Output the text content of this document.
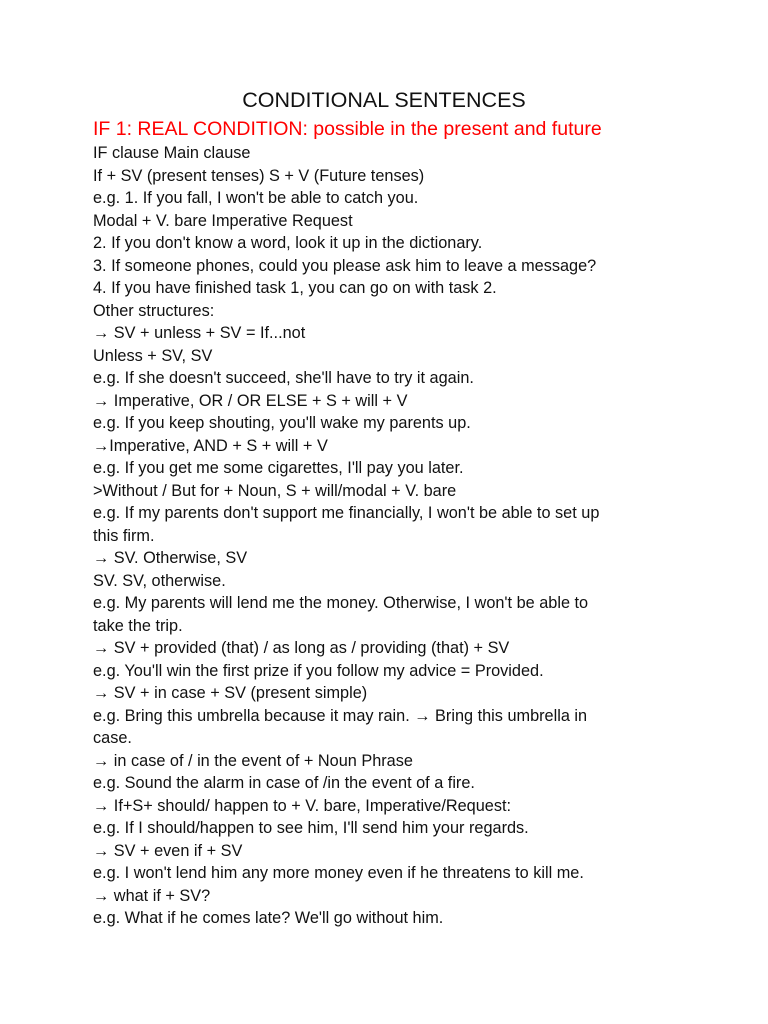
CONDITIONAL SENTENCES
IF 1: REAL CONDITION: possible in the present and future
IF clause Main clause
If + SV (present tenses) S + V (Future tenses)
e.g. 1. If you fall, I won't be able to catch you.
Modal + V. bare Imperative Request
2. If you don't know a word, look it up in the dictionary.
3. If someone phones, could you please ask him to leave a message?
4. If you have finished task 1, you can go on with task 2.
Other structures:
→ SV + unless + SV = If...not
Unless + SV, SV
e.g. If she doesn't succeed, she'll have to try it again.
→ Imperative, OR / OR ELSE + S + will + V
e.g. If you keep shouting, you'll wake my parents up.
→Imperative, AND + S + will + V
e.g. If you get me some cigarettes, I'll pay you later.
>Without / But for + Noun, S + will/modal + V. bare
e.g. If my parents don't support me financially, I won't be able to set up
this firm.
→ SV. Otherwise, SV
SV. SV, otherwise.
e.g. My parents will lend me the money. Otherwise, I won't be able to
take the trip.
→ SV + provided (that) / as long as / providing (that) + SV
e.g. You'll win the first prize if you follow my advice = Provided.
→ SV + in case + SV (present simple)
e.g. Bring this umbrella because it may rain. → Bring this umbrella in
case.
→ in case of / in the event of + Noun Phrase
e.g. Sound the alarm in case of /in the event of a fire.
→ If+S+ should/ happen to + V. bare, Imperative/Request:
e.g. If I should/happen to see him, I'll send him your regards.
→ SV + even if + SV
e.g. I won't lend him any more money even if he threatens to kill me.
→ what if + SV?
e.g. What if he comes late? We'll go without him.
